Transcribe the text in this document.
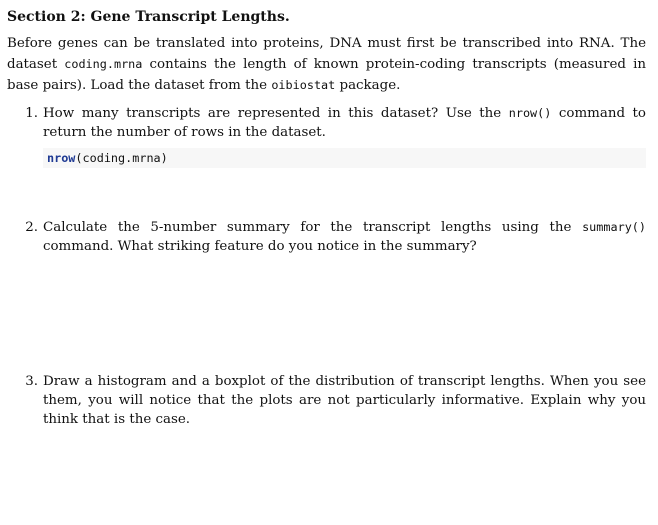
Section 2: Gene Transcript Lengths.

Before genes can be translated into proteins, DNA must first be transcribed into RNA. The dataset coding.mrna contains the length of known protein-coding transcripts (measured in base pairs). Load the dataset from the oibiostat package.

1. How many transcripts are represented in this dataset? Use the nrow() command to return the number of rows in the dataset.
nrow(coding.mrna)
2. Calculate the 5-number summary for the transcript lengths using the summary() command. What striking feature do you notice in the summary?
3. Draw a histogram and a boxplot of the distribution of transcript lengths. When you see them, you will notice that the plots are not particularly informative. Explain why you think that is the case.
